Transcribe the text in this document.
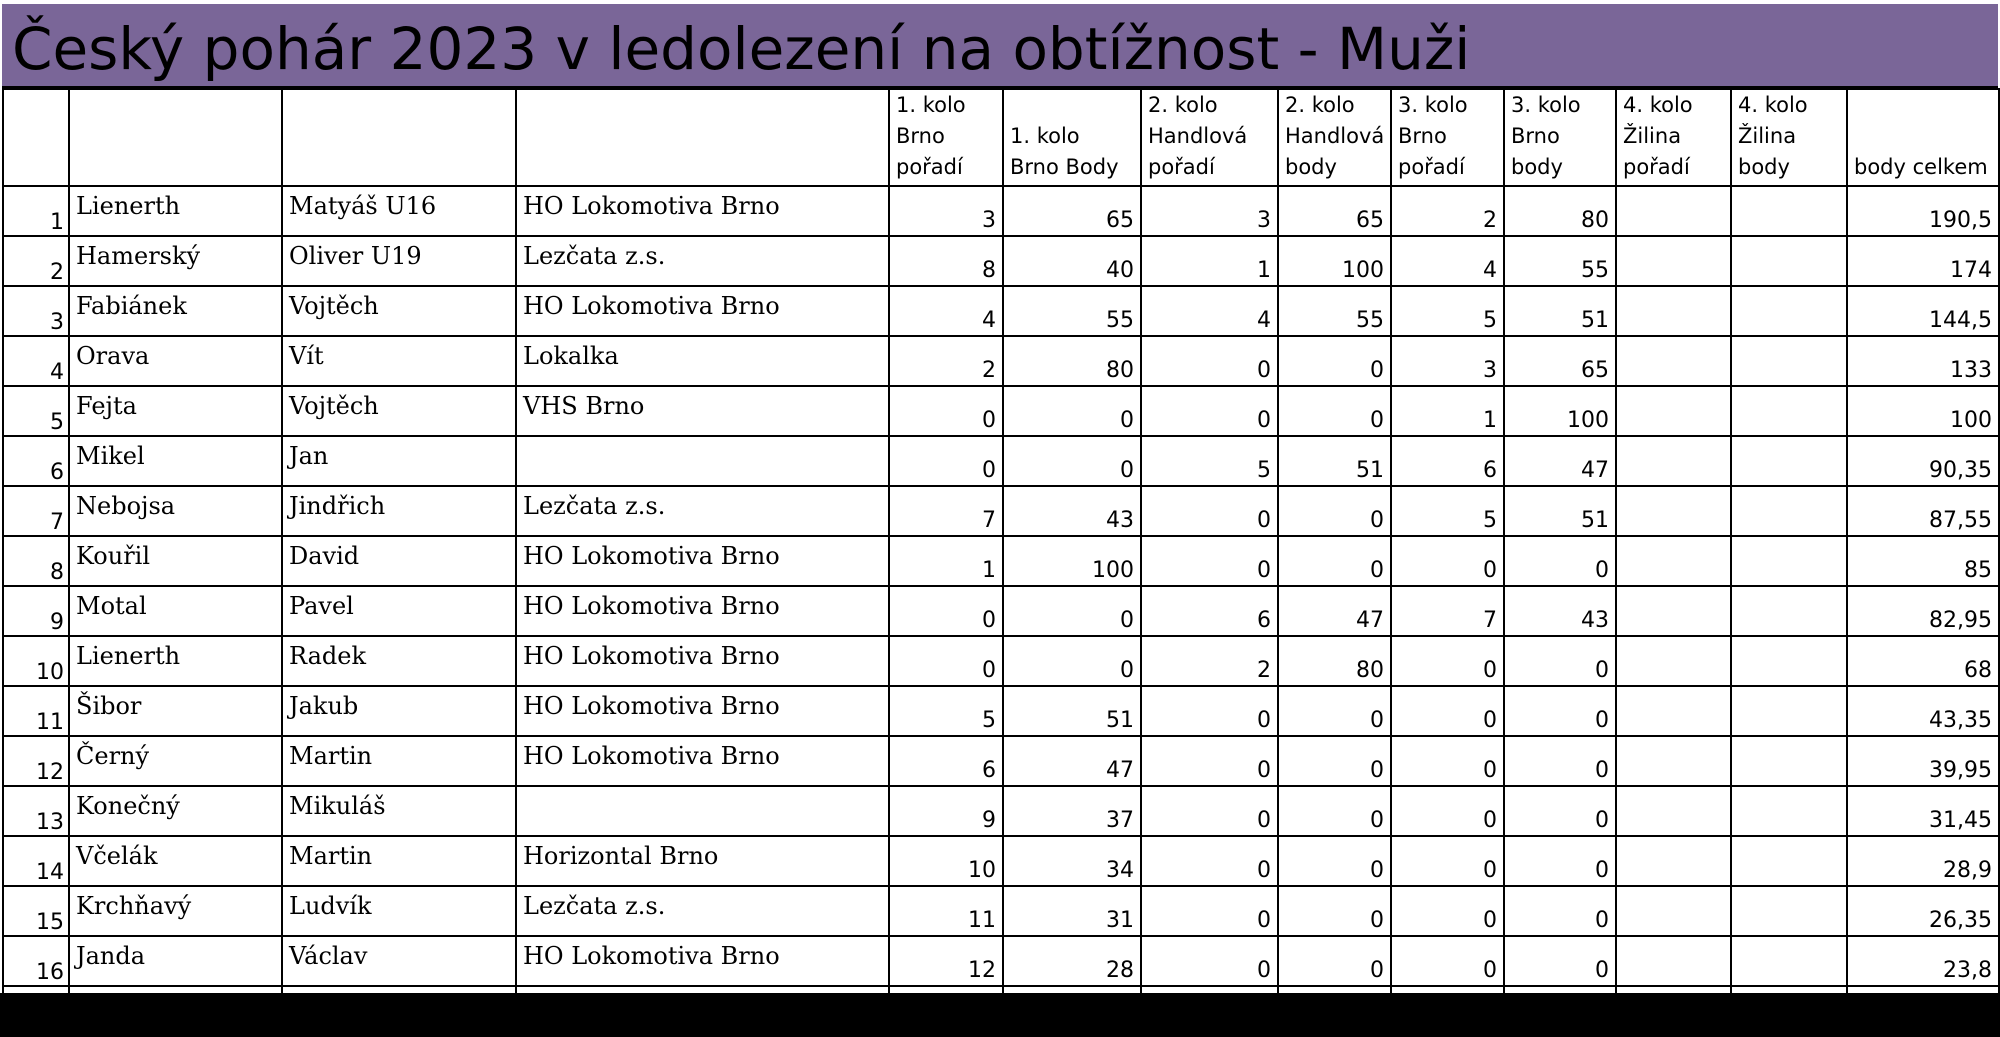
Český pohár 2023 v ledolezení na obtížnost - Muži
				1. kolo Brno pořadí	1. kolo Brno Body	2. kolo Handlová pořadí	2. kolo Handlová body	3. kolo Brno pořadí	3. kolo Brno body	4. kolo Žilina pořadí	4. kolo Žilina body	body celkem
1	Lienerth	Matyáš U16	HO Lokomotiva Brno	3	65	3	65	2	80			190,5
2	Hamerský	Oliver U19	Lezčata z.s.	8	40	1	100	4	55			174
3	Fabiánek	Vojtěch	HO Lokomotiva Brno	4	55	4	55	5	51			144,5
4	Orava	Vít	Lokalka	2	80	0	0	3	65			133
5	Fejta	Vojtěch	VHS Brno	0	0	0	0	1	100			100
6	Mikel	Jan		0	0	5	51	6	47			90,35
7	Nebojsa	Jindřich	Lezčata z.s.	7	43	0	0	5	51			87,55
8	Kouřil	David	HO Lokomotiva Brno	1	100	0	0	0	0			85
9	Motal	Pavel	HO Lokomotiva Brno	0	0	6	47	7	43			82,95
10	Lienerth	Radek	HO Lokomotiva Brno	0	0	2	80	0	0			68
11	Šibor	Jakub	HO Lokomotiva Brno	5	51	0	0	0	0			43,35
12	Černý	Martin	HO Lokomotiva Brno	6	47	0	0	0	0			39,95
13	Konečný	Mikuláš		9	37	0	0	0	0			31,45
14	Včelák	Martin	Horizontal Brno	10	34	0	0	0	0			28,9
15	Krchňavý	Ludvík	Lezčata z.s.	11	31	0	0	0	0			26,35
16	Janda	Václav	HO Lokomotiva Brno	12	28	0	0	0	0			23,8
17	Machala	Mirek	Lezčata z.s.	13	26	0	0	0	0			22,1
